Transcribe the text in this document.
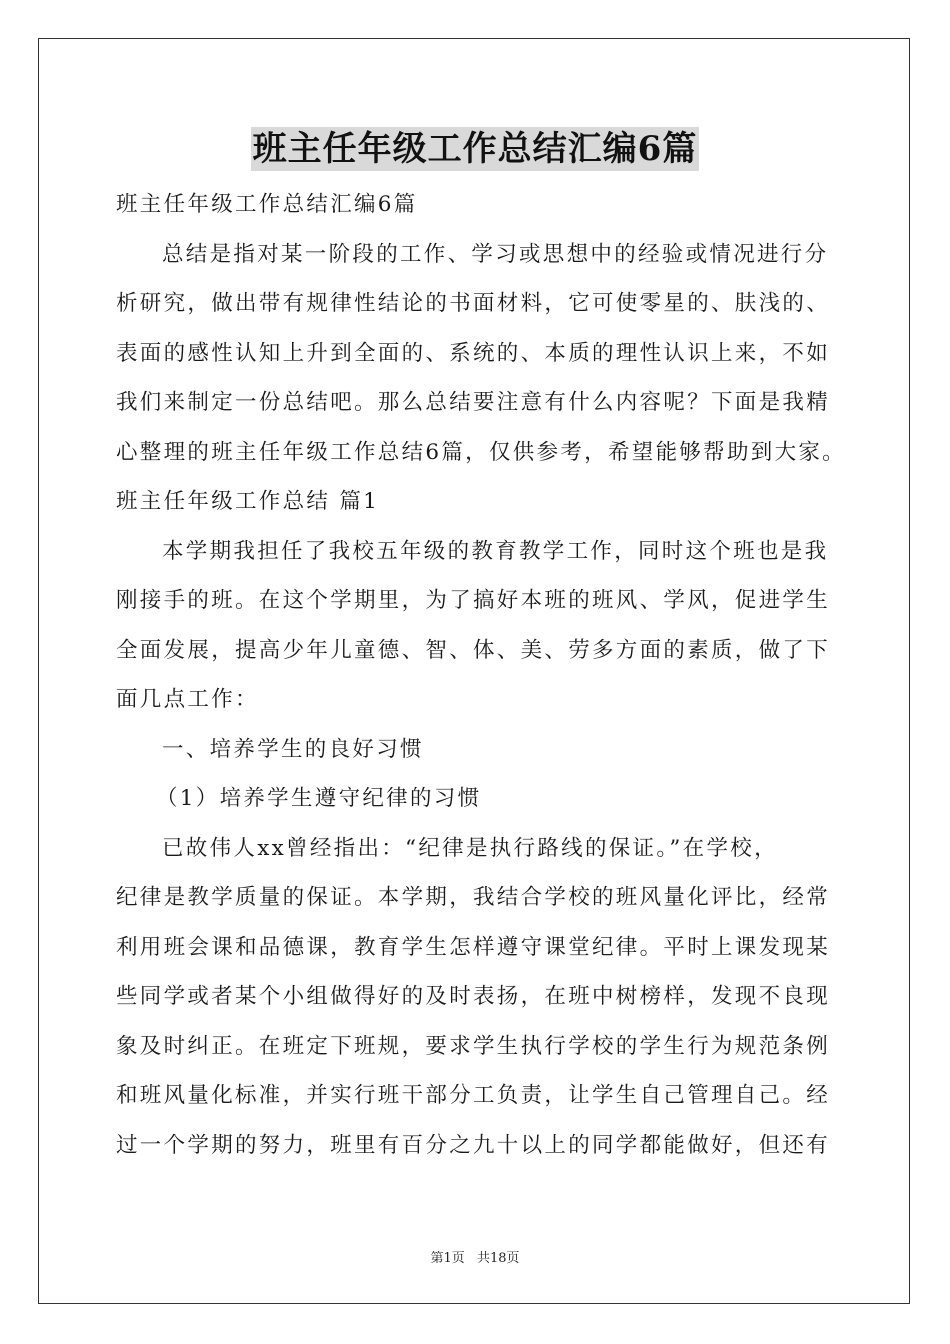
班主任年级工作总结汇编6篇
班主任年级工作总结汇编6篇
总结是指对某一阶段的工作、学习或思想中的经验或情况进行分
析研究，做出带有规律性结论的书面材料，它可使零星的、肤浅的、
表面的感性认知上升到全面的、系统的、本质的理性认识上来，不如
我们来制定一份总结吧。那么总结要注意有什么内容呢？下面是我精
心整理的班主任年级工作总结6篇，仅供参考，希望能够帮助到大家。
班主任年级工作总结 篇1
本学期我担任了我校五年级的教育教学工作，同时这个班也是我
刚接手的班。在这个学期里，为了搞好本班的班风、学风，促进学生
全面发展，提高少年儿童德、智、体、美、劳多方面的素质，做了下
面几点工作：
一、培养学生的良好习惯
（1）培养学生遵守纪律的习惯
已故伟人xx曾经指出：“纪律是执行路线的保证。”在学校，
纪律是教学质量的保证。本学期，我结合学校的班风量化评比，经常
利用班会课和品德课，教育学生怎样遵守课堂纪律。平时上课发现某
些同学或者某个小组做得好的及时表扬，在班中树榜样，发现不良现
象及时纠正。在班定下班规，要求学生执行学校的学生行为规范条例
和班风量化标准，并实行班干部分工负责，让学生自己管理自己。经
过一个学期的努力，班里有百分之九十以上的同学都能做好，但还有
第1页 共18页
